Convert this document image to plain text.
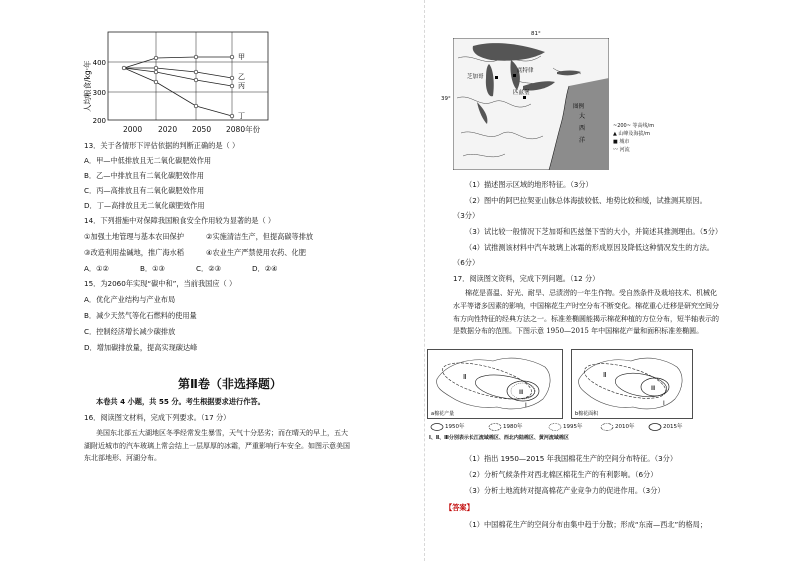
400
300
200
甲
乙
丙
丁
人均粮食/kg·年
2000 2020 2050 2080年份
13．关于各情形下评估依据的判断正确的是（ ）
A．甲—中低排放且无二氧化碳肥效作用
B．乙—中排放且有二氧化碳肥效作用
C．丙—高排放且有二氧化碳肥效作用
D．丁—高排放且无二氧化碳肥效作用
14．下列措施中对保障我国粮食安全作用较为显著的是（ ）
①加强土地管理与基本农田保护	②实施清洁生产，但提高碳等排放
③改造利用盐碱地，推广海水稻	④农业生产严禁使用农药、化肥
A．①②	B．①③	C．②③	D．②④
15．为2060年实现“碳中和”，当前我国应（ ）
A．优化产业结构与产业布局
B．减少天然气等化石燃料的使用量
C．控制经济增长减少碳排放
D．增加碳排放量，提高实现碳达峰
第Ⅱ卷（非选择题）
本卷共 4 小题，共 55 分。考生根据要求进行作答。
16．阅读图文材料，完成下列要求。（17 分）
美国东北部五大湖地区冬季经常发生暴雪，天气十分恶劣；而在晴天的早上，五大
湖附近城市的汽车玻璃上常会结上一层厚厚的冰霜，严重影响行车安全。如图示意美国
东北部地形、河湖分布。
芝加哥
底特律
匹兹堡
大
西
洋
图例
81°
39°
~200~ 等高线/m
▲ 山峰及海拔/m
■ 城市
〰 河流
（1）描述图示区域的地形特征。（3分）
（2）图中的阿巴拉契亚山脉总体海拔较低、地势比较和缓，试推测其原因。
（3分）
（3）试比较一般情况下芝加哥和匹兹堡下雪的大小，并简述其推测理由。（5分）
（4）试推测该材料中汽车玻璃上冰霜的形成原因及降低这种情况发生的方法。
（6分）
17．阅读图文资料，完成下列问题。（12 分）
棉花是喜温、好光、耐旱、忌渍涝的一年生作物。受自然条件及栽培技术、机械化
水平等诸多因素的影响，中国棉花生产时空分布不断变化。棉花重心迁移是研究空间分
布方向性特征的经典方法之一。标准差椭圆能揭示棉花种植的方位分布，短半轴表示的
是数据分布的范围。下图示意 1950—2015 年中国棉花产量和面积标准差椭圆。
Ⅱ
Ⅲ
Ⅰ
a棉花产量
Ⅱ
Ⅲ
Ⅰ
b棉花面积
1950年	1980年	1995年	2010年	2015年
Ⅰ、Ⅱ、Ⅲ分别表示长江流域棉区、西北内陆棉区、黄河流域棉区
（1）指出 1950—2015 年我国棉花生产的空间分布特征。（3分）
（2）分析气候条件对西北棉区棉花生产的有利影响。（6分）
（3）分析土地流转对提高棉花产业竞争力的促进作用。（3分）
【答案】
（1）中国棉花生产的空间分布由集中趋于分散；形成“东南—西北”的格局；
